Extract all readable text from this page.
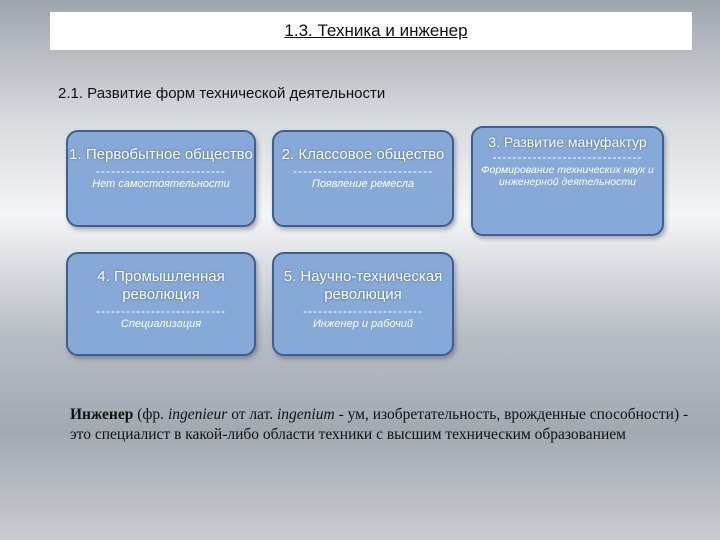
1.3. Техника и инженер
2.1. Развитие форм технической деятельности
1. Первобытное общество
--------------------------
Нет самостоятельности
2. Классовое общество
----------------------------
Появление ремесла
3. Развитие мануфактур
------------------------------
Формирование технических наук и инженерной деятельности
4. Промышленная революция
--------------------------
Специализация
5. Научно-техническая революция
------------------------
Инженер и рабочий
Инженер (фр. ingenieur от лат. ingenium - ум, изобретательность, врожденные способности) - это специалист в какой-либо области техники с высшим техническим образованием
